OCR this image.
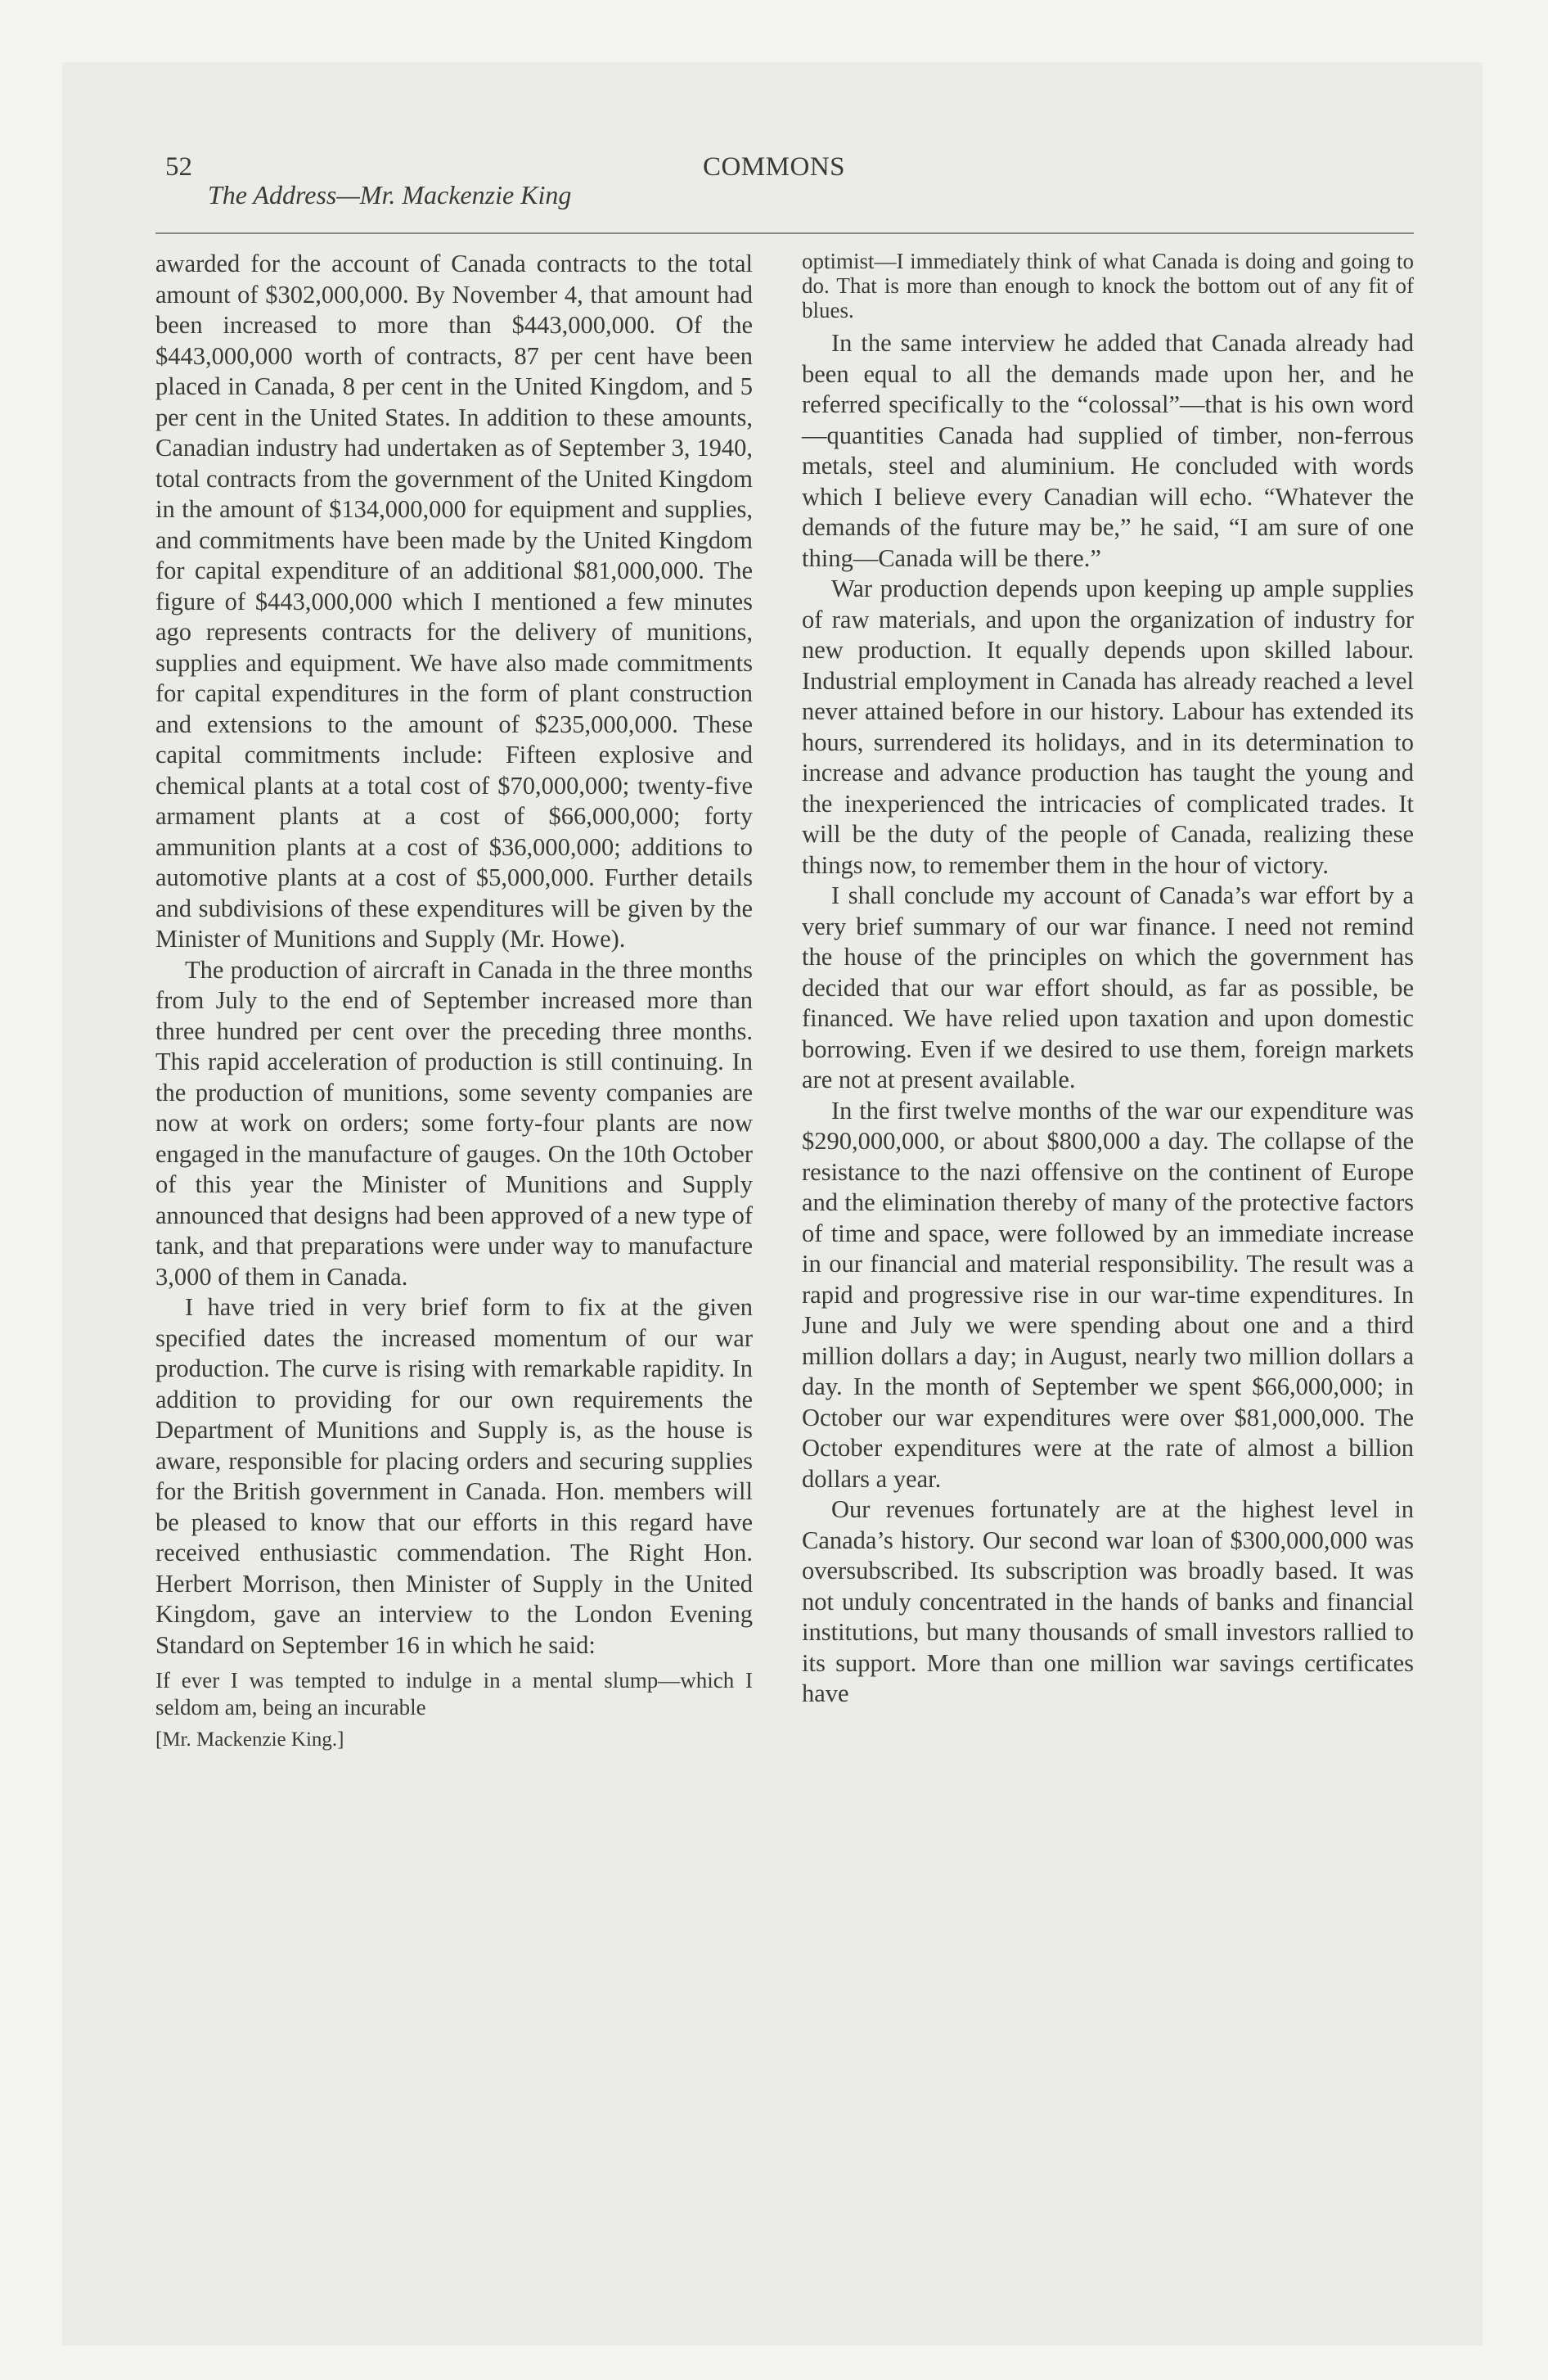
52	COMMONS
The Address—Mr. Mackenzie King

awarded for the account of Canada contracts to the total amount of $302,000,000. By November 4, that amount had been increased to more than $443,000,000. Of the $443,000,000 worth of contracts, 87 per cent have been placed in Canada, 8 per cent in the United Kingdom, and 5 per cent in the United States. In addition to these amounts, Canadian industry had undertaken as of September 3, 1940, total contracts from the government of the United Kingdom in the amount of $134,000,000 for equipment and supplies, and commitments have been made by the United Kingdom for capital expenditure of an additional $81,000,000. The figure of $443,000,000 which I mentioned a few minutes ago represents contracts for the delivery of munitions, supplies and equipment. We have also made commitments for capital expenditures in the form of plant construction and extensions to the amount of $235,000,000. These capital commitments include: Fifteen explosive and chemical plants at a total cost of $70,000,000; twenty-five armament plants at a cost of $66,000,000; forty ammunition plants at a cost of $36,000,000; additions to automotive plants at a cost of $5,000,000. Further details and subdivisions of these expenditures will be given by the Minister of Munitions and Supply (Mr. Howe).

The production of aircraft in Canada in the three months from July to the end of September increased more than three hundred per cent over the preceding three months. This rapid acceleration of production is still continuing. In the production of munitions, some seventy companies are now at work on orders; some forty-four plants are now engaged in the manufacture of gauges. On the 10th October of this year the Minister of Munitions and Supply announced that designs had been approved of a new type of tank, and that preparations were under way to manufacture 3,000 of them in Canada.

I have tried in very brief form to fix at the given specified dates the increased momentum of our war production. The curve is rising with remarkable rapidity. In addition to providing for our own requirements the Department of Munitions and Supply is, as the house is aware, responsible for placing orders and securing supplies for the British government in Canada. Hon. members will be pleased to know that our efforts in this regard have received enthusiastic commendation. The Right Hon. Herbert Morrison, then Minister of Supply in the United Kingdom, gave an interview to the London Evening Standard on September 16 in which he said:

If ever I was tempted to indulge in a mental slump—which I seldom am, being an incurable

[Mr. Mackenzie King.]

optimist—I immediately think of what Canada is doing and going to do. That is more than enough to knock the bottom out of any fit of blues.

In the same interview he added that Canada already had been equal to all the demands made upon her, and he referred specifically to the “colossal”—that is his own word—quantities Canada had supplied of timber, non-ferrous metals, steel and aluminium. He concluded with words which I believe every Canadian will echo. “Whatever the demands of the future may be,” he said, “I am sure of one thing—Canada will be there.”

War production depends upon keeping up ample supplies of raw materials, and upon the organization of industry for new production. It equally depends upon skilled labour. Industrial employment in Canada has already reached a level never attained before in our history. Labour has extended its hours, surrendered its holidays, and in its determination to increase and advance production has taught the young and the inexperienced the intricacies of complicated trades. It will be the duty of the people of Canada, realizing these things now, to remember them in the hour of victory.

I shall conclude my account of Canada’s war effort by a very brief summary of our war finance. I need not remind the house of the principles on which the government has decided that our war effort should, as far as possible, be financed. We have relied upon taxation and upon domestic borrowing. Even if we desired to use them, foreign markets are not at present available.

In the first twelve months of the war our expenditure was $290,000,000, or about $800,000 a day. The collapse of the resistance to the nazi offensive on the continent of Europe and the elimination thereby of many of the protective factors of time and space, were followed by an immediate increase in our financial and material responsibility. The result was a rapid and progressive rise in our war-time expenditures. In June and July we were spending about one and a third million dollars a day; in August, nearly two million dollars a day. In the month of September we spent $66,000,000; in October our war expenditures were over $81,000,000. The October expenditures were at the rate of almost a billion dollars a year.

Our revenues fortunately are at the highest level in Canada’s history. Our second war loan of $300,000,000 was oversubscribed. Its subscription was broadly based. It was not unduly concentrated in the hands of banks and financial institutions, but many thousands of small investors rallied to its support. More than one million war savings certificates have
